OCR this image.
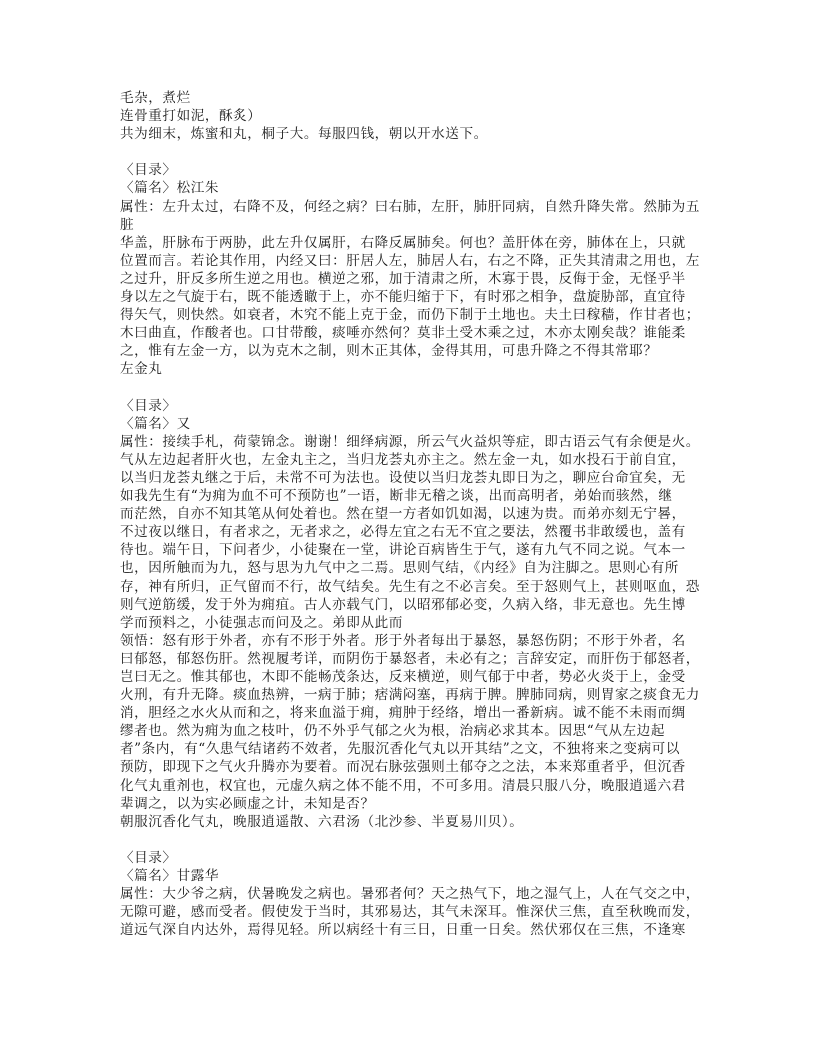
毛杂，煮烂
连骨重打如泥，酥炙）
共为细末，炼蜜和丸，桐子大。每服四钱，朝以开水送下。
〈目录〉
〈篇名〉松江朱
属性：左升太过，右降不及，何经之病？曰右肺，左肝，肺肝同病，自然升降失常。然肺为五
脏
华盖，肝脉布于两胁，此左升仅属肝，右降反属肺矣。何也？盖肝体在旁，肺体在上，只就
位置而言。若论其作用，内经又曰：肝居人左，肺居人右，右之不降，正失其清肃之用也，左
之过升，肝反多所生逆之用也。横逆之邪，加于清肃之所，木寡于畏，反侮于金，无怪乎半
身以左之气旋于右，既不能透瞮于上，亦不能归缩于下，有时邪之相争，盘旋胁部，直宜待
得矢气，则快然。如衰者，木究不能上克于金，而仍下制于土地也。夫土曰稼穑，作甘者也；
木曰曲直，作酸者也。口甘带酸，痰唾亦然何？莫非土受木乘之过，木亦太刚矣哉？谁能柔
之，惟有左金一方，以为克木之制，则木正其体，金得其用，可患升降之不得其常耶？
左金丸
〈目录〉
〈篇名〉又
属性：接续手札，荷蒙锦念。谢谢！细绎病源，所云气火益炽等症，即古语云气有余便是火。
气从左边起者肝火也，左金丸主之，当归龙荟丸亦主之。然左金一丸，如水投石于前自宜，
以当归龙荟丸继之于后，未常不可为法也。设使以当归龙荟丸即日为之，聊应台命宜矣，无
如我先生有“为痈为血不可不预防也”一语，断非无稽之谈，出而高明者，弟始而骇然，继
而茫然，自亦不知其笔从何处着也。然在望一方者如饥如渴，以速为贵。而弟亦刻无宁晷，
不过夜以继日，有者求之，无者求之，必得左宜之右无不宜之要法，然覆书非敢缓也，盖有
待也。端午日，下问者少，小徒聚在一堂，讲论百病皆生于气，遂有九气不同之说。气本一
也，因所触而为九，怒与思为九气中之二焉。思则气结，《内经》自为注脚之。思则心有所
存，神有所归，正气留而不行，故气结矣。先生有之不必言矣。至于怒则气上，甚则呕血，恐
则气逆筋缓，发于外为痈疽。古人亦载气门，以昭邪郁必变，久病入络，非无意也。先生博
学而预料之，小徒强志而问及之。弟即从此而
领悟：怒有形于外者，亦有不形于外者。形于外者每出于暴怒，暴怒伤阴；不形于外者，名
曰郁怒，郁怒伤肝。然视履考详，而阴伤于暴怒者，未必有之；言辞安定，而肝伤于郁怒者，
岂曰无之。惟其郁也，木即不能畅茂条达，反来横逆，则气郁于中者，势必火炎于上，金受
火刑，有升无降。痰血热辨，一病于肺；痞满闷塞，再病于脾。脾肺同病，则胃家之痰食无力
消，胆经之水火从而和之，将来血溢于痈，痈肿于经络，增出一番新病。诚不能不未雨而绸
缪者也。然为痈为血之枝叶，仍不外乎气郁之火为根，治病必求其本。因思“气从左边起
者”条内，有“久患气结诸药不效者，先服沉香化气丸以开其结”之文，不独将来之变病可以
预防，即现下之气火升腾亦为要着。而况右脉弦强则土郁夺之之法，本来郑重者乎，但沉香
化气丸重剂也，权宜也，元虚久病之体不能不用，不可多用。清晨只服八分，晚服逍遥六君
辈调之，以为实必顾虚之计，未知是否？
朝服沉香化气丸，晚服逍遥散、六君汤（北沙参、半夏易川贝）。
〈目录〉
〈篇名〉甘露华
属性：大少爷之病，伏暑晚发之病也。暑邪者何？天之热气下，地之湿气上，人在气交之中，
无隙可避，感而受者。假使发于当时，其邪易达，其气未深耳。惟深伏三焦，直至秋晚而发，
道远气深自内达外，焉得见轻。所以病经十有三日，日重一日矣。然伏邪仅在三焦，不逢寒
